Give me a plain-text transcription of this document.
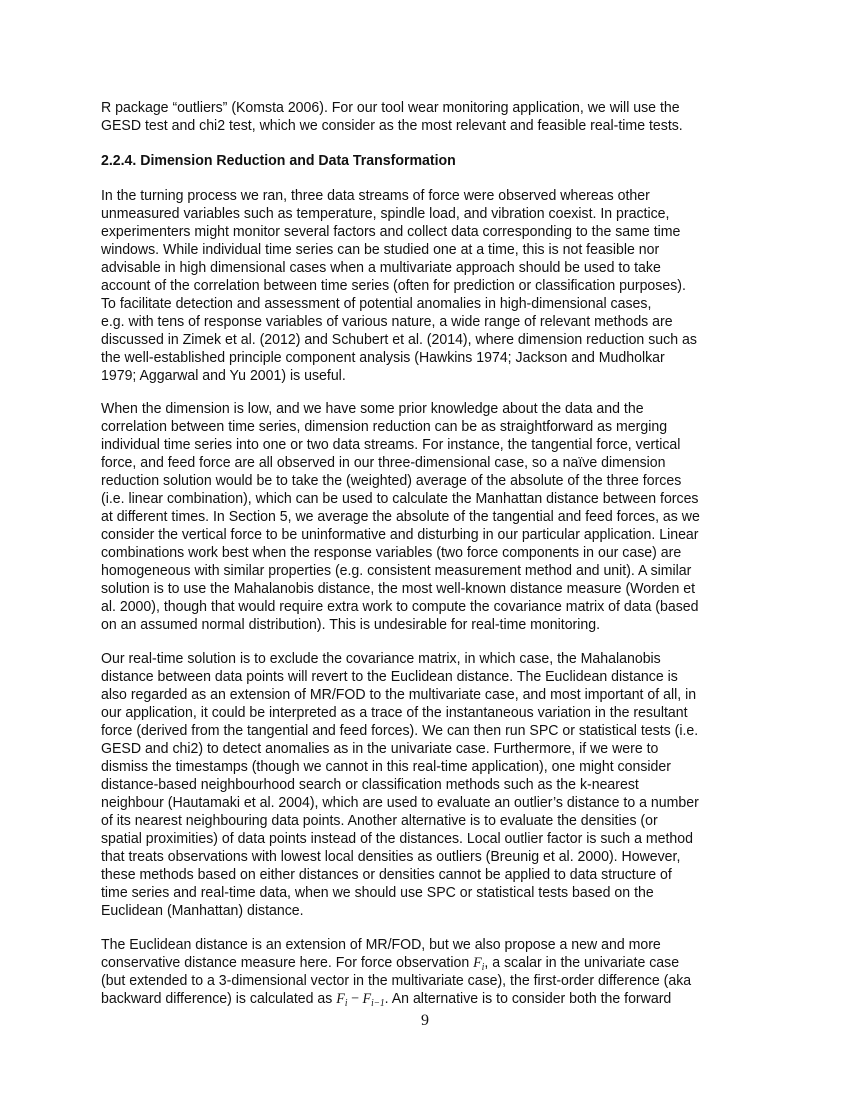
R package “outliers” (Komsta 2006). For our tool wear monitoring application, we will use the
GESD test and chi2 test, which we consider as the most relevant and feasible real-time tests.
2.2.4. Dimension Reduction and Data Transformation
In the turning process we ran, three data streams of force were observed whereas other
unmeasured variables such as temperature, spindle load, and vibration coexist. In practice,
experimenters might monitor several factors and collect data corresponding to the same time
windows. While individual time series can be studied one at a time, this is not feasible nor
advisable in high dimensional cases when a multivariate approach should be used to take
account of the correlation between time series (often for prediction or classification purposes).
To facilitate detection and assessment of potential anomalies in high-dimensional cases,
e.g. with tens of response variables of various nature, a wide range of relevant methods are
discussed in Zimek et al. (2012) and Schubert et al. (2014), where dimension reduction such as
the well-established principle component analysis (Hawkins 1974; Jackson and Mudholkar
1979; Aggarwal and Yu 2001) is useful.
When the dimension is low, and we have some prior knowledge about the data and the
correlation between time series, dimension reduction can be as straightforward as merging
individual time series into one or two data streams. For instance, the tangential force, vertical
force, and feed force are all observed in our three-dimensional case, so a naïve dimension
reduction solution would be to take the (weighted) average of the absolute of the three forces
(i.e. linear combination), which can be used to calculate the Manhattan distance between forces
at different times. In Section 5, we average the absolute of the tangential and feed forces, as we
consider the vertical force to be uninformative and disturbing in our particular application. Linear
combinations work best when the response variables (two force components in our case) are
homogeneous with similar properties (e.g. consistent measurement method and unit). A similar
solution is to use the Mahalanobis distance, the most well-known distance measure (Worden et
al. 2000), though that would require extra work to compute the covariance matrix of data (based
on an assumed normal distribution). This is undesirable for real-time monitoring.
Our real-time solution is to exclude the covariance matrix, in which case, the Mahalanobis
distance between data points will revert to the Euclidean distance. The Euclidean distance is
also regarded as an extension of MR/FOD to the multivariate case, and most important of all, in
our application, it could be interpreted as a trace of the instantaneous variation in the resultant
force (derived from the tangential and feed forces). We can then run SPC or statistical tests (i.e.
GESD and chi2) to detect anomalies as in the univariate case. Furthermore, if we were to
dismiss the timestamps (though we cannot in this real-time application), one might consider
distance-based neighbourhood search or classification methods such as the k-nearest
neighbour (Hautamaki et al. 2004), which are used to evaluate an outlier’s distance to a number
of its nearest neighbouring data points. Another alternative is to evaluate the densities (or
spatial proximities) of data points instead of the distances. Local outlier factor is such a method
that treats observations with lowest local densities as outliers (Breunig et al. 2000). However,
these methods based on either distances or densities cannot be applied to data structure of
time series and real-time data, when we should use SPC or statistical tests based on the
Euclidean (Manhattan) distance.
The Euclidean distance is an extension of MR/FOD, but we also propose a new and more
conservative distance measure here. For force observation $F_i$, a scalar in the univariate case
(but extended to a 3-dimensional vector in the multivariate case), the first-order difference (aka
backward difference) is calculated as $F_i - F_{i-1}$. An alternative is to consider both the forward
9
